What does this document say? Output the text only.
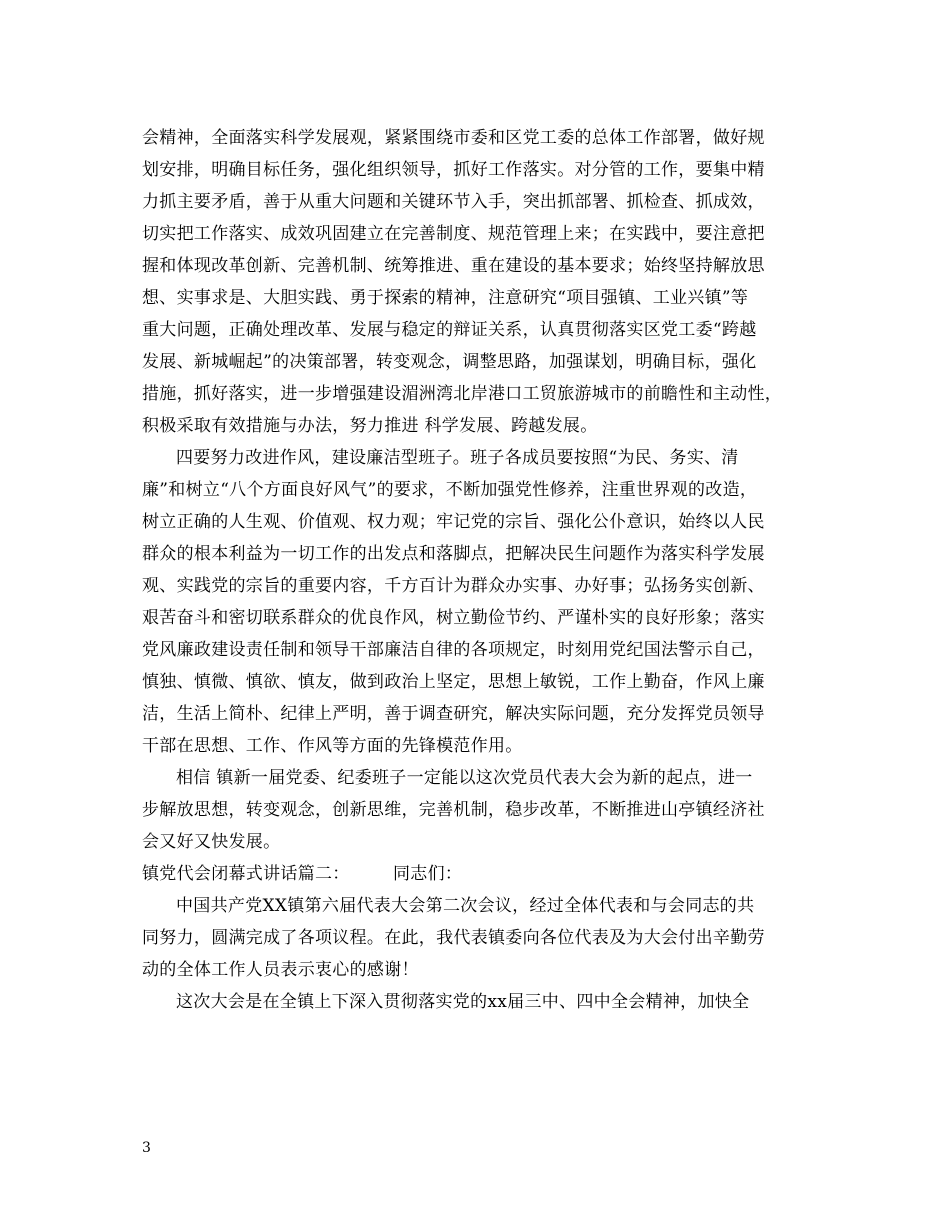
会精神，全面落实科学发展观，紧紧围绕市委和区党工委的总体工作部署，做好规
划安排，明确目标任务，强化组织领导，抓好工作落实。对分管的工作，要集中精
力抓主要矛盾，善于从重大问题和关键环节入手，突出抓部署、抓检查、抓成效，
切实把工作落实、成效巩固建立在完善制度、规范管理上来；在实践中，要注意把
握和体现改革创新、完善机制、统筹推进、重在建设的基本要求；始终坚持解放思
想、实事求是、大胆实践、勇于探索的精神，注意研究“项目强镇、工业兴镇”等
重大问题，正确处理改革、发展与稳定的辩证关系，认真贯彻落实区党工委“跨越
发展、新城崛起”的决策部署，转变观念，调整思路，加强谋划，明确目标，强化
措施，抓好落实，进一步增强建设湄洲湾北岸港口工贸旅游城市的前瞻性和主动性，
积极采取有效措施与办法，努力推进 科学发展、跨越发展。
四要努力改进作风，建设廉洁型班子。班子各成员要按照“为民、务实、清
廉”和树立“八个方面良好风气”的要求，不断加强党性修养，注重世界观的改造，
树立正确的人生观、价值观、权力观；牢记党的宗旨、强化公仆意识，始终以人民
群众的根本利益为一切工作的出发点和落脚点，把解决民生问题作为落实科学发展
观、实践党的宗旨的重要内容，千方百计为群众办实事、办好事；弘扬务实创新、
艰苦奋斗和密切联系群众的优良作风，树立勤俭节约、严谨朴实的良好形象；落实
党风廉政建设责任制和领导干部廉洁自律的各项规定，时刻用党纪国法警示自己，
慎独、慎微、慎欲、慎友，做到政治上坚定，思想上敏锐，工作上勤奋，作风上廉
洁，生活上简朴、纪律上严明，善于调查研究，解决实际问题，充分发挥党员领导
干部在思想、工作、作风等方面的先锋模范作用。
相信 镇新一届党委、纪委班子一定能以这次党员代表大会为新的起点，进一
步解放思想，转变观念，创新思维，完善机制，稳步改革，不断推进山亭镇经济社
会又好又快发展。
镇党代会闭幕式讲话篇二：　　　同志们：
中国共产党XX镇第六届代表大会第二次会议，经过全体代表和与会同志的共
同努力，圆满完成了各项议程。在此，我代表镇委向各位代表及为大会付出辛勤劳
动的全体工作人员表示衷心的感谢！
这次大会是在全镇上下深入贯彻落实党的xx届三中、四中全会精神，加快全
3
